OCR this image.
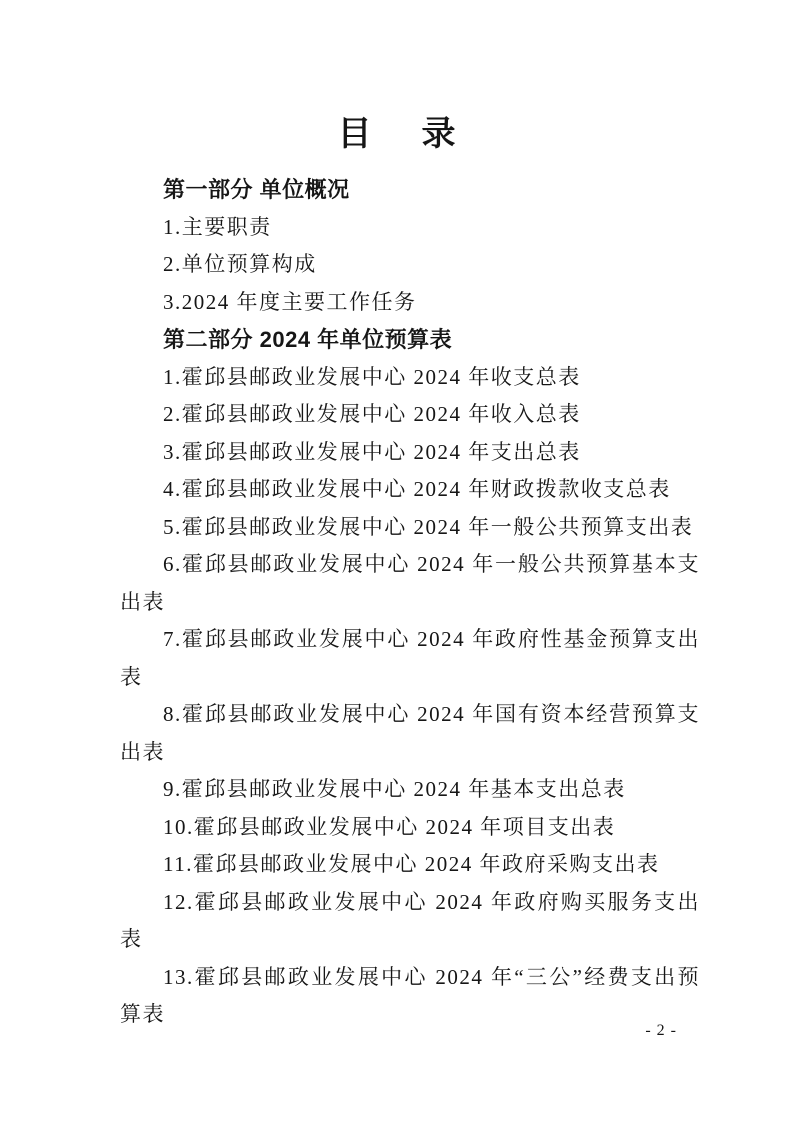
目　录

第一部分 单位概况

1.主要职责

2.单位预算构成

3.2024 年度主要工作任务

第二部分 2024 年单位预算表

1.霍邱县邮政业发展中心 2024 年收支总表

2.霍邱县邮政业发展中心 2024 年收入总表

3.霍邱县邮政业发展中心 2024 年支出总表

4.霍邱县邮政业发展中心 2024 年财政拨款收支总表

5.霍邱县邮政业发展中心 2024 年一般公共预算支出表

6.霍邱县邮政业发展中心 2024 年一般公共预算基本支出表

7.霍邱县邮政业发展中心 2024 年政府性基金预算支出表

8.霍邱县邮政业发展中心 2024 年国有资本经营预算支出表

9.霍邱县邮政业发展中心 2024 年基本支出总表

10.霍邱县邮政业发展中心 2024 年项目支出表

11.霍邱县邮政业发展中心 2024 年政府采购支出表

12.霍邱县邮政业发展中心 2024 年政府购买服务支出表

13.霍邱县邮政业发展中心 2024 年“三公”经费支出预算表

- 2 -
